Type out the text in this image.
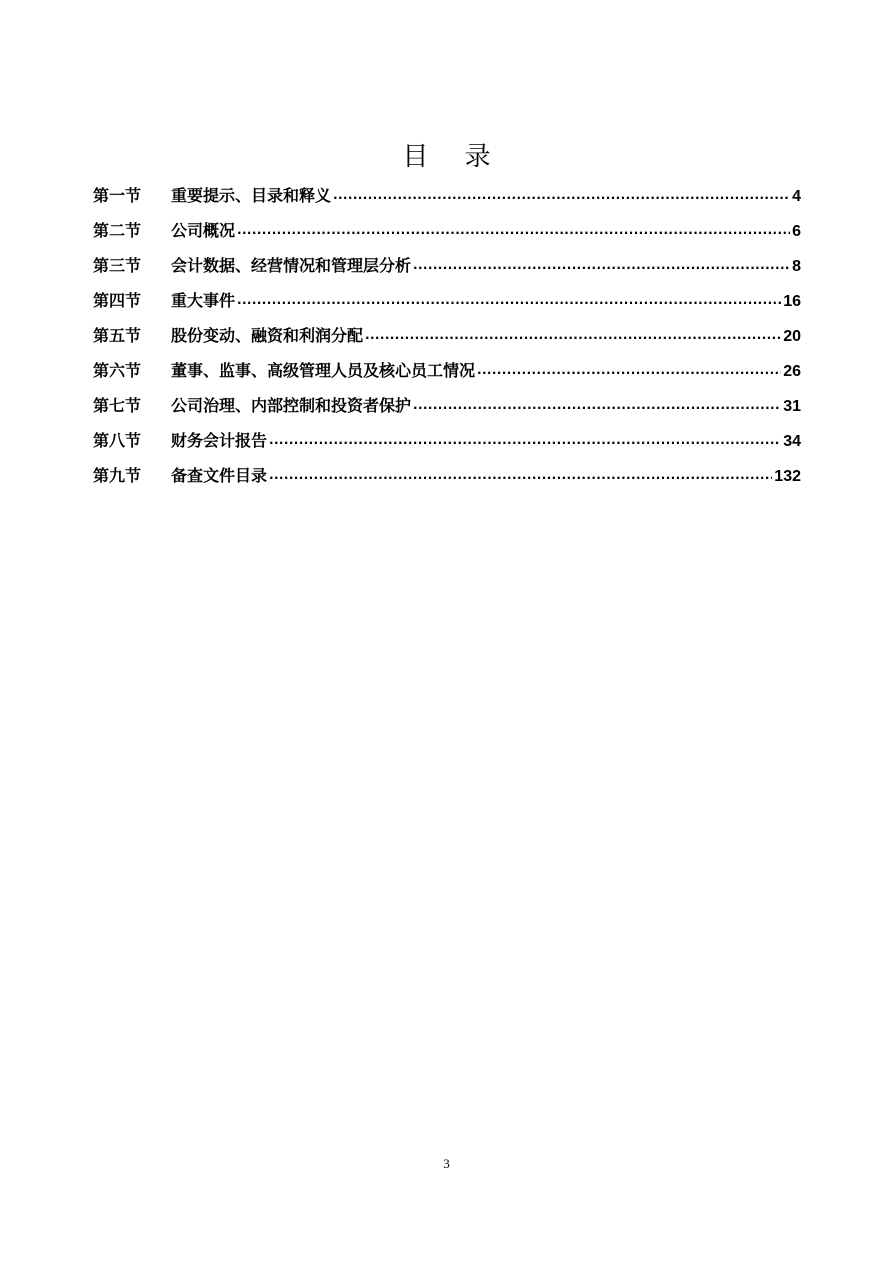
目 录
第一节	重要提示、目录和释义 .....	4
第二节	公司概况 .....	6
第三节	会计数据、经营情况和管理层分析 .....	8
第四节	重大事件 .....	16
第五节	股份变动、融资和利润分配 .....	20
第六节	董事、监事、高级管理人员及核心员工情况 .....	26
第七节	公司治理、内部控制和投资者保护 .....	31
第八节	财务会计报告 .....	34
第九节	备查文件目录 .....	132
3
